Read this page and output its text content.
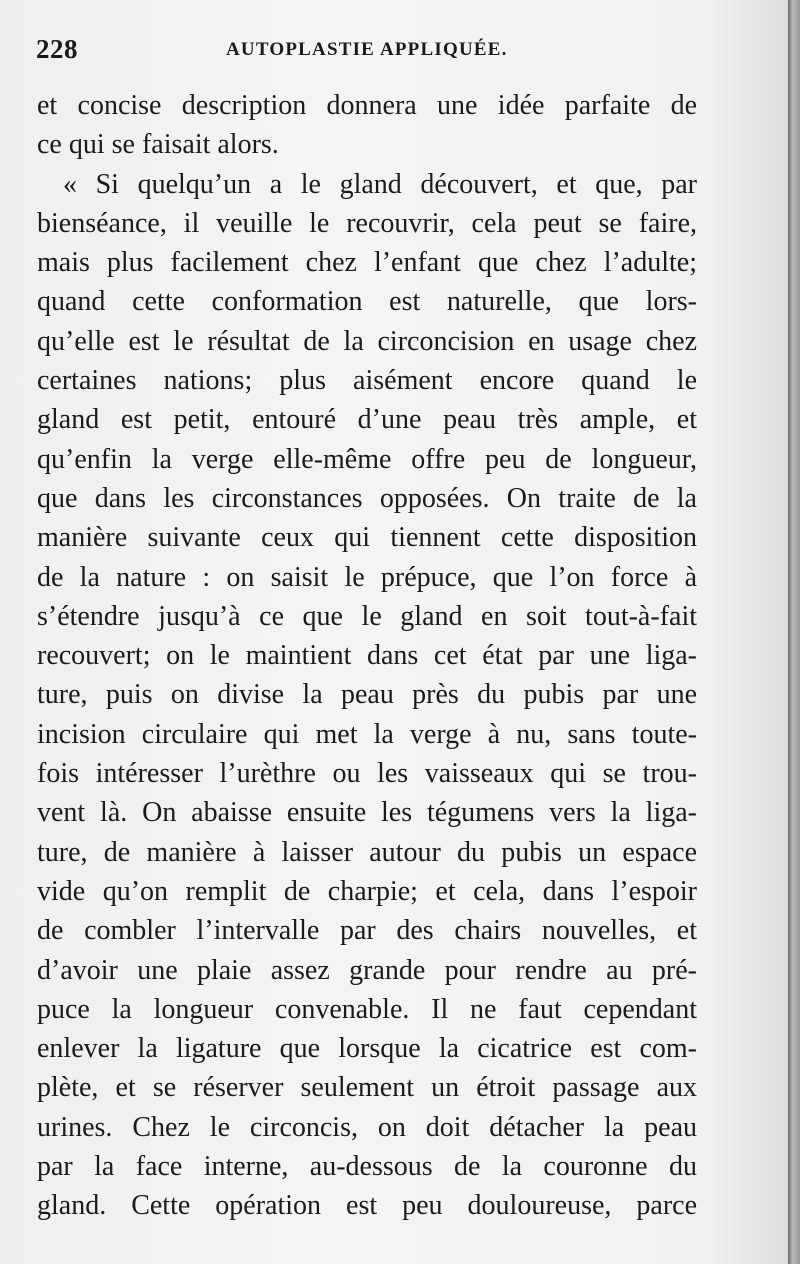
228	AUTOPLASTIE APPLIQUÉE.
et concise description donnera une idée parfaite de
ce qui se faisait alors.
« Si quelqu’un a le gland découvert, et que, par
bienséance, il veuille le recouvrir, cela peut se faire,
mais plus facilement chez l’enfant que chez l’adulte;
quand cette conformation est naturelle, que lors-
qu’elle est le résultat de la circoncision en usage chez
certaines nations; plus aisément encore quand le
gland est petit, entouré d’une peau très ample, et
qu’enfin la verge elle-même offre peu de longueur,
que dans les circonstances opposées. On traite de la
manière suivante ceux qui tiennent cette disposition
de la nature : on saisit le prépuce, que l’on force à
s’étendre jusqu’à ce que le gland en soit tout-à-fait
recouvert; on le maintient dans cet état par une liga-
ture, puis on divise la peau près du pubis par une
incision circulaire qui met la verge à nu, sans toute-
fois intéresser l’urèthre ou les vaisseaux qui se trou-
vent là. On abaisse ensuite les tégumens vers la liga-
ture, de manière à laisser autour du pubis un espace
vide qu’on remplit de charpie; et cela, dans l’espoir
de combler l’intervalle par des chairs nouvelles, et
d’avoir une plaie assez grande pour rendre au pré-
puce la longueur convenable. Il ne faut cependant
enlever la ligature que lorsque la cicatrice est com-
plète, et se réserver seulement un étroit passage aux
urines. Chez le circoncis, on doit détacher la peau
par la face interne, au-dessous de la couronne du
gland. Cette opération est peu douloureuse, parce
